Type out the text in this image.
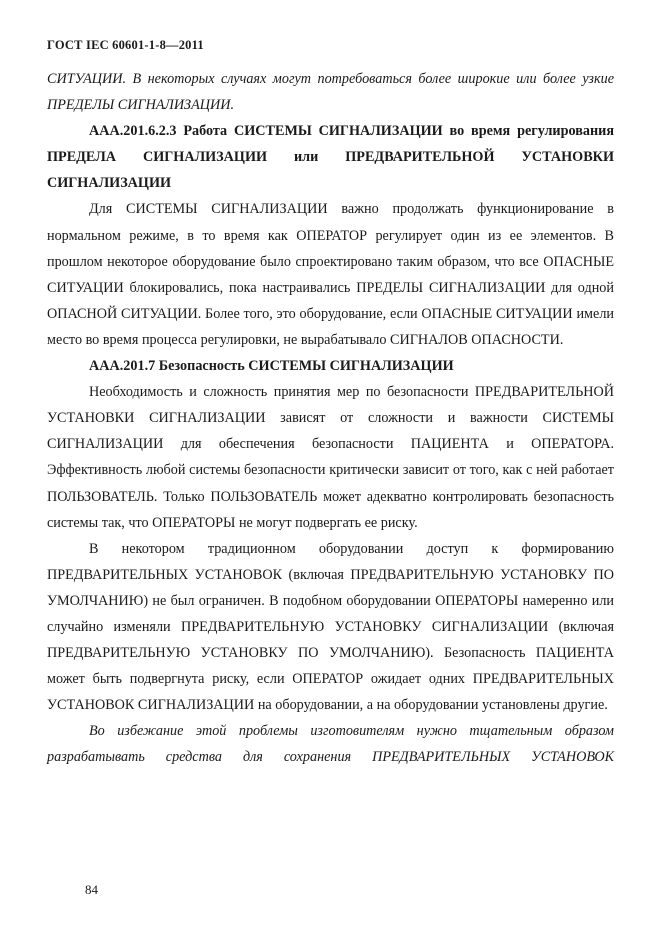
ГОСТ IEC 60601-1-8—2011

СИТУАЦИИ. В некоторых случаях могут потребоваться более широкие или более узкие ПРЕДЕЛЫ СИГНАЛИЗАЦИИ.

ААА.201.6.2.3 Работа СИСТЕМЫ СИГНАЛИЗАЦИИ во время регулирования ПРЕДЕЛА СИГНАЛИЗАЦИИ или ПРЕДВАРИТЕЛЬНОЙ УСТАНОВКИ СИГНАЛИЗАЦИИ

Для СИСТЕМЫ СИГНАЛИЗАЦИИ важно продолжать функционирование в нормальном режиме, в то время как ОПЕРАТОР регулирует один из ее элементов. В прошлом некоторое оборудование было спроектировано таким образом, что все ОПАСНЫЕ СИТУАЦИИ блокировались, пока настраивались ПРЕДЕЛЫ СИГНАЛИЗАЦИИ для одной ОПАСНОЙ СИТУАЦИИ. Более того, это оборудование, если ОПАСНЫЕ СИТУАЦИИ имели место во время процесса регулировки, не вырабатывало СИГНАЛОВ ОПАСНОСТИ.

ААА.201.7 Безопасность СИСТЕМЫ СИГНАЛИЗАЦИИ

Необходимость и сложность принятия мер по безопасности ПРЕДВАРИТЕЛЬНОЙ УСТАНОВКИ СИГНАЛИЗАЦИИ зависят от сложности и важности СИСТЕМЫ СИГНАЛИЗАЦИИ для обеспечения безопасности ПАЦИЕНТА и ОПЕРАТОРА. Эффективность любой системы безопасности критически зависит от того, как с ней работает ПОЛЬЗОВАТЕЛЬ. Только ПОЛЬЗОВАТЕЛЬ может адекватно контролировать безопасность системы так, что ОПЕРАТОРЫ не могут подвергать ее риску.

В некотором традиционном оборудовании доступ к формированию ПРЕДВАРИТЕЛЬНЫХ УСТАНОВОК (включая ПРЕДВАРИТЕЛЬНУЮ УСТАНОВКУ ПО УМОЛЧАНИЮ) не был ограничен. В подобном оборудовании ОПЕРАТОРЫ намеренно или случайно изменяли ПРЕДВАРИТЕЛЬНУЮ УСТАНОВКУ СИГНАЛИЗАЦИИ (включая ПРЕДВАРИТЕЛЬНУЮ УСТАНОВКУ ПО УМОЛЧАНИЮ). Безопасность ПАЦИЕНТА может быть подвергнута риску, если ОПЕРАТОР ожидает одних ПРЕДВАРИТЕЛЬНЫХ УСТАНОВОК СИГНАЛИЗАЦИИ на оборудовании, а на оборудовании установлены другие.

Во избежание этой проблемы изготовителям нужно тщательным образом разрабатывать средства для сохранения ПРЕДВАРИТЕЛЬНЫХ УСТАНОВОК

84
